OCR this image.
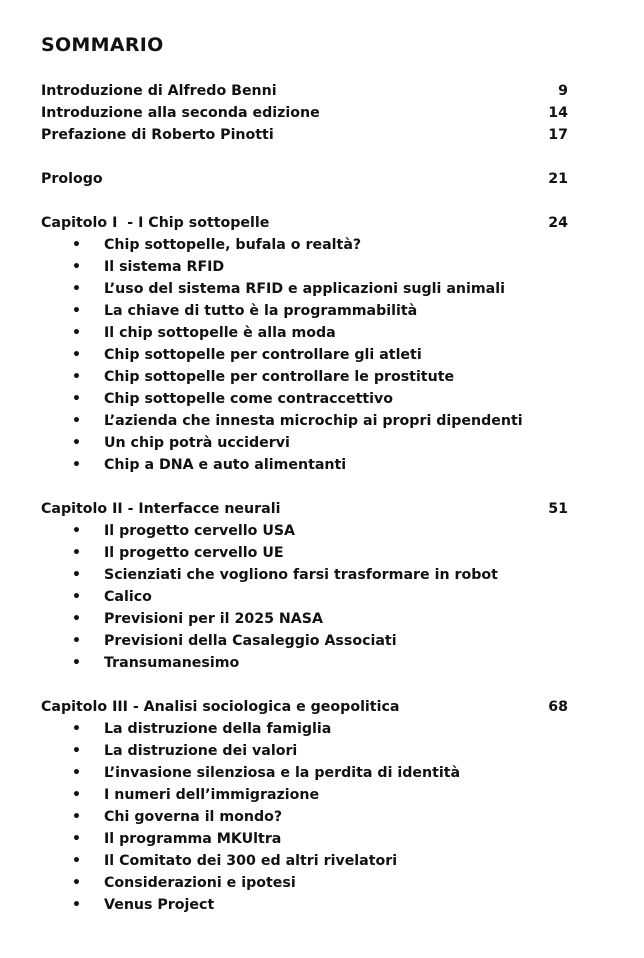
SOMMARIO
Introduzione di Alfredo Benni	9
Introduzione alla seconda edizione	14
Prefazione di Roberto Pinotti	17
Prologo	21
Capitolo I  - I Chip sottopelle	24
• Chip sottopelle, bufala o realtà?
• Il sistema RFID
• L’uso del sistema RFID e applicazioni sugli animali
• La chiave di tutto è la programmabilità
• Il chip sottopelle è alla moda
• Chip sottopelle per controllare gli atleti
• Chip sottopelle per controllare le prostitute
• Chip sottopelle come contraccettivo
• L’azienda che innesta microchip ai propri dipendenti
• Un chip potrà uccidervi
• Chip a DNA e auto alimentanti
Capitolo II - Interfacce neurali	51
• Il progetto cervello USA
• Il progetto cervello UE
• Scienziati che vogliono farsi trasformare in robot
• Calico
• Previsioni per il 2025 NASA
• Previsioni della Casaleggio Associati
• Transumanesimo
Capitolo III - Analisi sociologica e geopolitica	68
• La distruzione della famiglia
• La distruzione dei valori
• L’invasione silenziosa e la perdita di identità
• I numeri dell’immigrazione
• Chi governa il mondo?
• Il programma MKUltra
• Il Comitato dei 300 ed altri rivelatori
• Considerazioni e ipotesi
• Venus Project
